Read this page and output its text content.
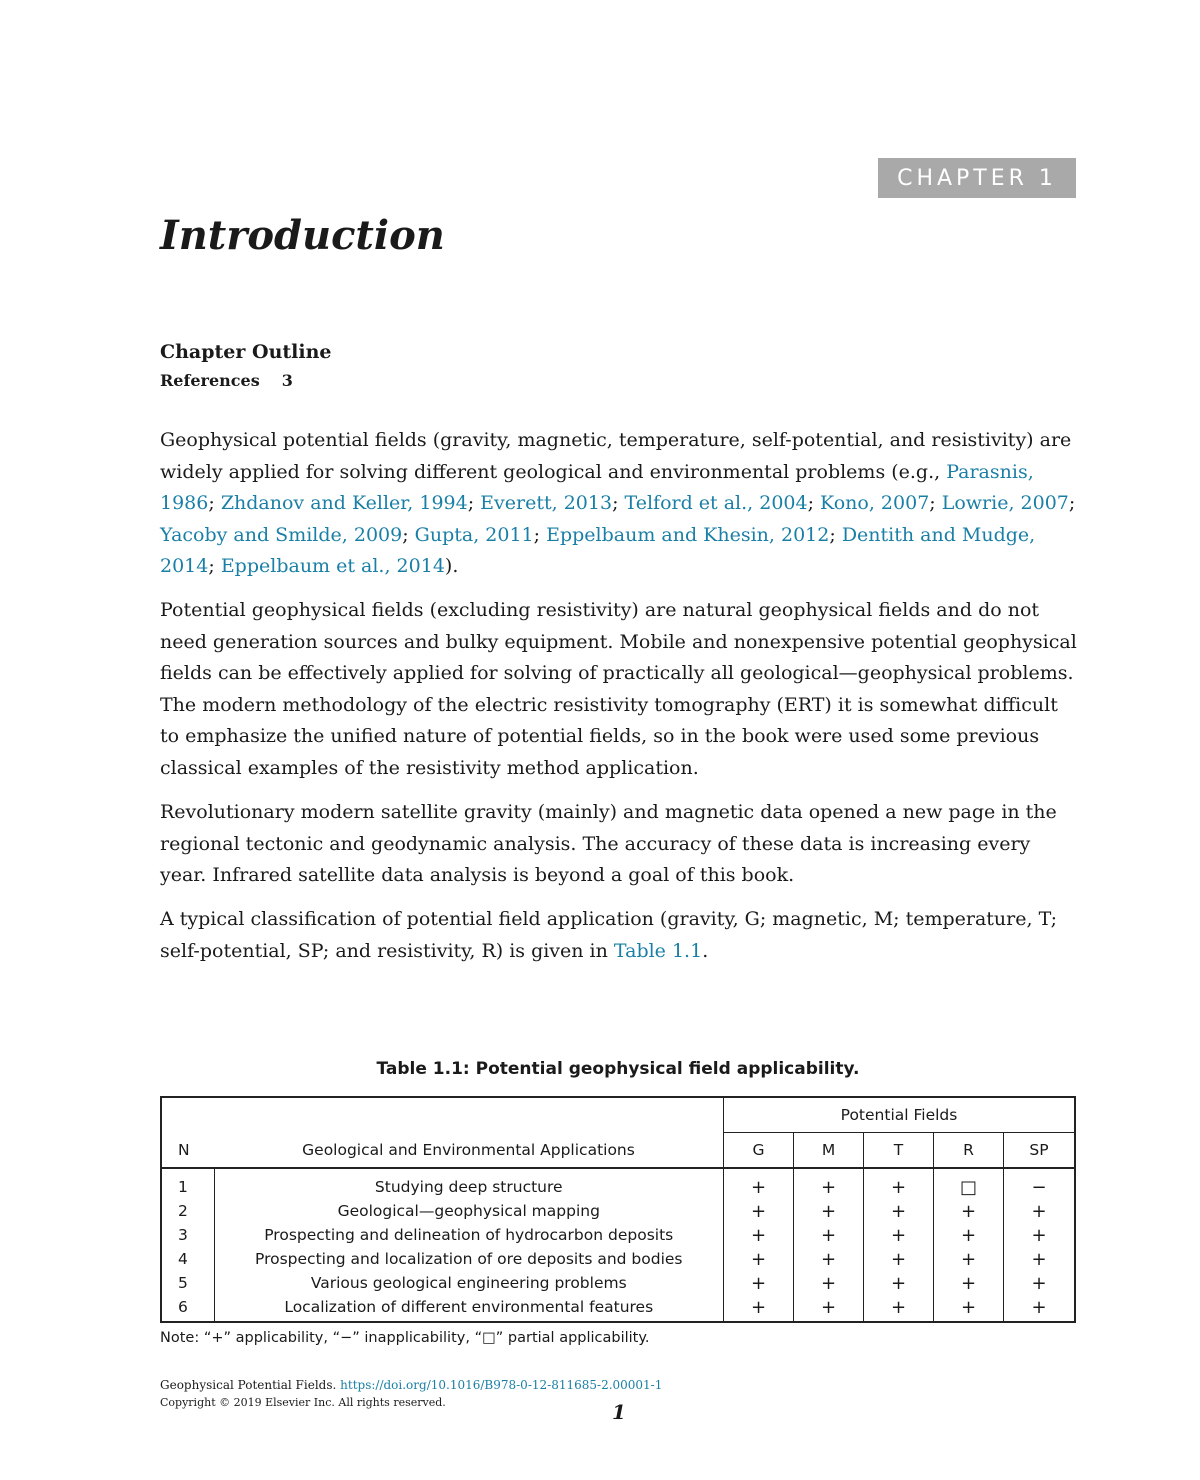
CHAPTER 1
Introduction
Chapter Outline
References 3

Geophysical potential fields (gravity, magnetic, temperature, self-potential, and resistivity) are widely applied for solving different geological and environmental problems (e.g., Parasnis, 1986; Zhdanov and Keller, 1994; Everett, 2013; Telford et al., 2004; Kono, 2007; Lowrie, 2007; Yacoby and Smilde, 2009; Gupta, 2011; Eppelbaum and Khesin, 2012; Dentith and Mudge, 2014; Eppelbaum et al., 2014).

Potential geophysical fields (excluding resistivity) are natural geophysical fields and do not need generation sources and bulky equipment. Mobile and nonexpensive potential geophysical fields can be effectively applied for solving of practically all geological—geophysical problems. The modern methodology of the electric resistivity tomography (ERT) it is somewhat difficult to emphasize the unified nature of potential fields, so in the book were used some previous classical examples of the resistivity method application.

Revolutionary modern satellite gravity (mainly) and magnetic data opened a new page in the regional tectonic and geodynamic analysis. The accuracy of these data is increasing every year. Infrared satellite data analysis is beyond a goal of this book.

A typical classification of potential field application (gravity, G; magnetic, M; temperature, T; self-potential, SP; and resistivity, R) is given in Table 1.1.

Table 1.1: Potential geophysical field applicability.
		Potential Fields				
N	Geological and Environmental Applications	G	M	T	R	SP
1	Studying deep structure	+	+	+	□	−
2	Geological—geophysical mapping	+	+	+	+	+
3	Prospecting and delineation of hydrocarbon deposits	+	+	+	+	+
4	Prospecting and localization of ore deposits and bodies	+	+	+	+	+
5	Various geological engineering problems	+	+	+	+	+
6	Localization of different environmental features	+	+	+	+	+
Note: “+” applicability, “−” inapplicability, “□” partial applicability.
Geophysical Potential Fields. https://doi.org/10.1016/B978-0-12-811685-2.00001-1
Copyright © 2019 Elsevier Inc. All rights reserved.	1
